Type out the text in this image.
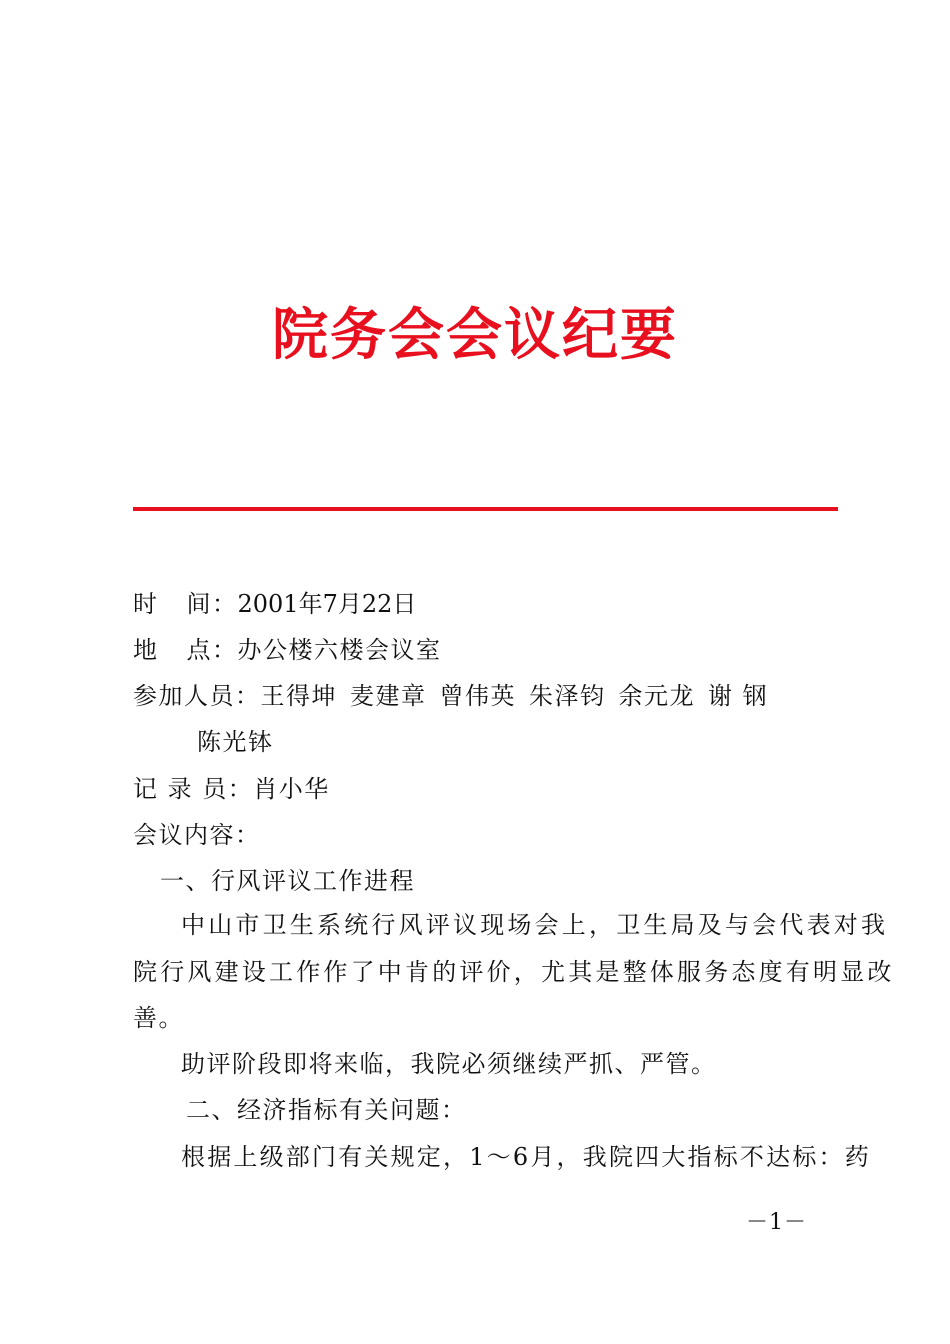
院务会会议纪要
时 间：2001年7月22日
地 点：办公楼六楼会议室
参加人员：王得坤 麦建章 曾伟英 朱泽钧 余元龙 谢 钢
陈光钵
记 录 员：肖小华
会议内容：
一、行风评议工作进程
中山市卫生系统行风评议现场会上，卫生局及与会代表对我
院行风建设工作作了中肯的评价，尤其是整体服务态度有明显改
善。
助评阶段即将来临，我院必须继续严抓、严管。
二、经济指标有关问题：
根据上级部门有关规定，1～6月，我院四大指标不达标：药
－1－
